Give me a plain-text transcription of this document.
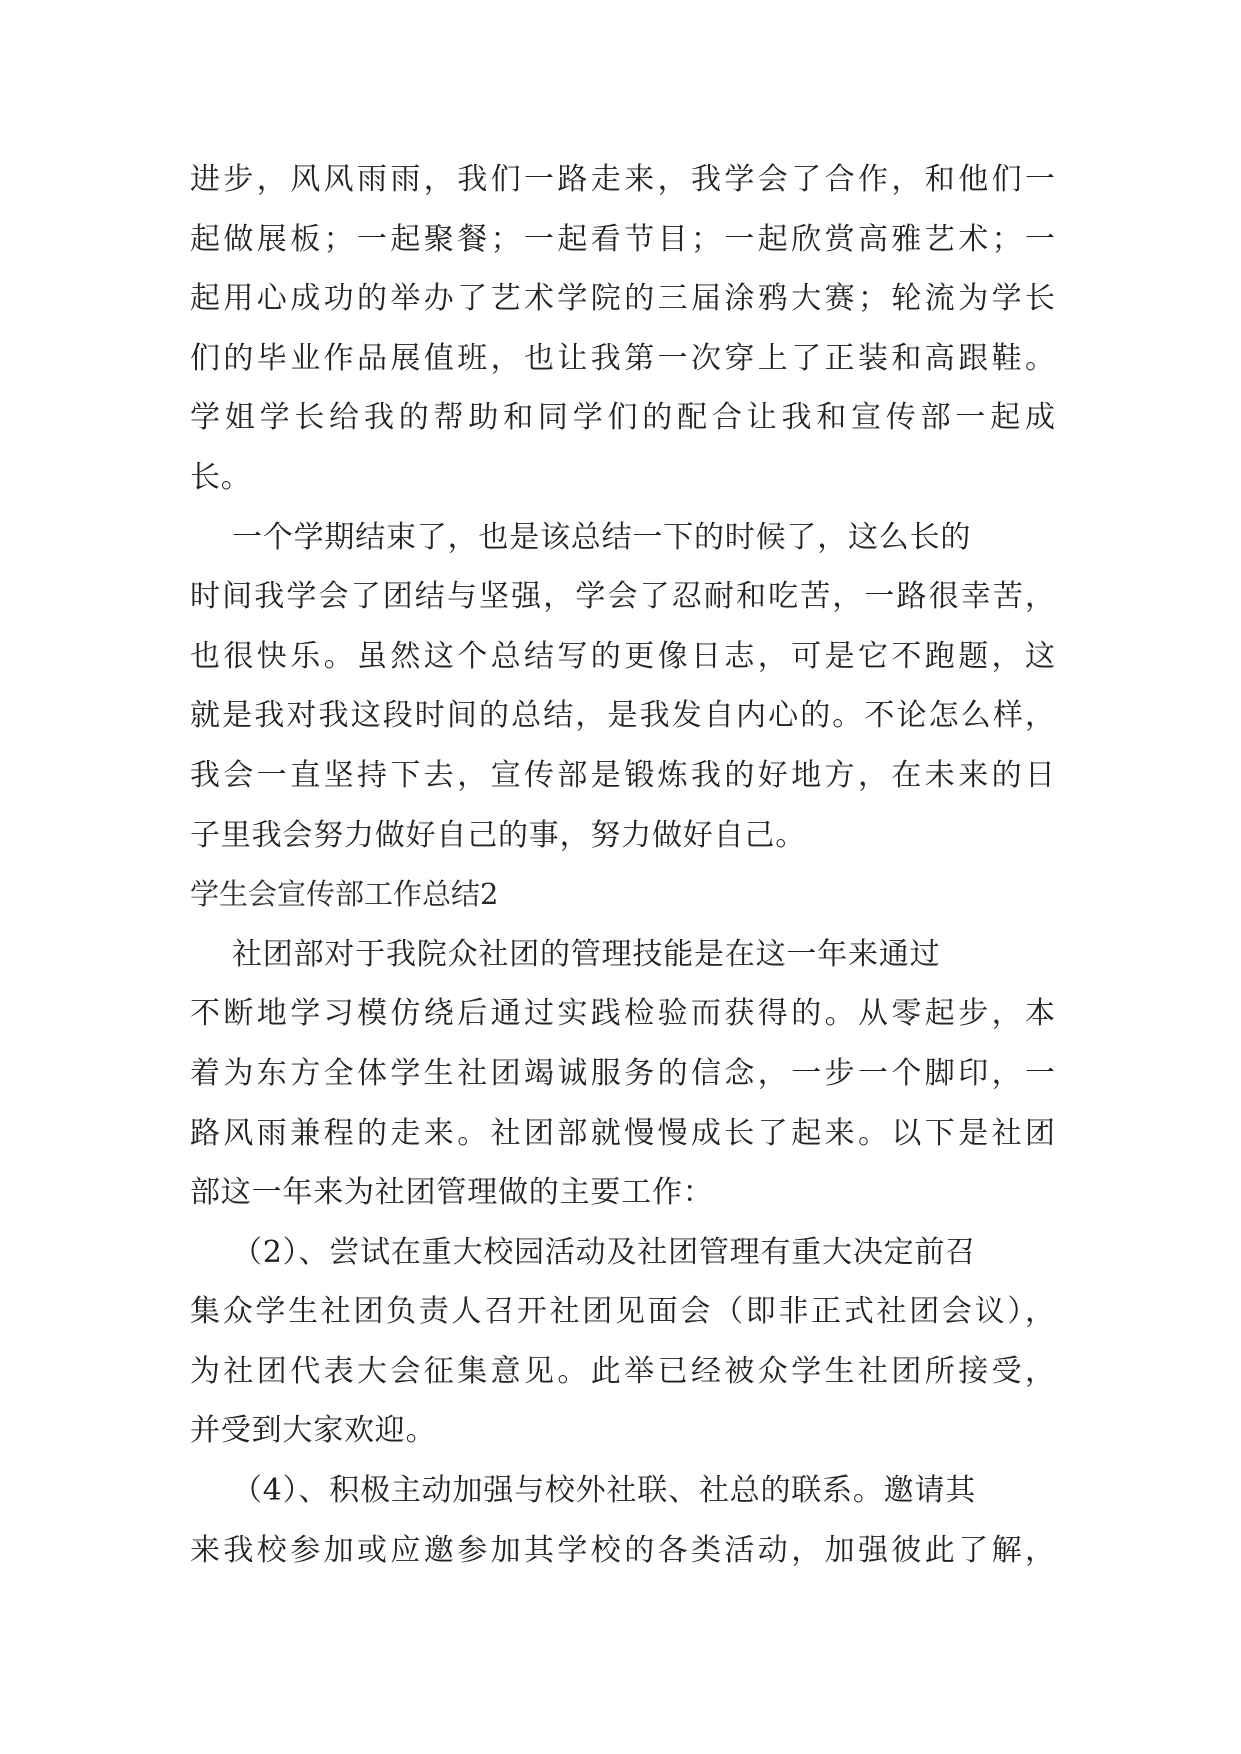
进步，风风雨雨，我们一路走来，我学会了合作，和他们一
起做展板；一起聚餐；一起看节目；一起欣赏高雅艺术；一
起用心成功的举办了艺术学院的三届涂鸦大赛；轮流为学长
们的毕业作品展值班，也让我第一次穿上了正装和高跟鞋。
学姐学长给我的帮助和同学们的配合让我和宣传部一起成
长。
一个学期结束了，也是该总结一下的时候了，这么长的
时间我学会了团结与坚强，学会了忍耐和吃苦，一路很幸苦，
也很快乐。虽然这个总结写的更像日志，可是它不跑题，这
就是我对我这段时间的总结，是我发自内心的。不论怎么样，
我会一直坚持下去，宣传部是锻炼我的好地方，在未来的日
子里我会努力做好自己的事，努力做好自己。
学生会宣传部工作总结2
社团部对于我院众社团的管理技能是在这一年来通过
不断地学习模仿绕后通过实践检验而获得的。从零起步，本
着为东方全体学生社团竭诚服务的信念，一步一个脚印，一
路风雨兼程的走来。社团部就慢慢成长了起来。以下是社团
部这一年来为社团管理做的主要工作：
（2）、尝试在重大校园活动及社团管理有重大决定前召
集众学生社团负责人召开社团见面会（即非正式社团会议），
为社团代表大会征集意见。此举已经被众学生社团所接受，
并受到大家欢迎。
（4）、积极主动加强与校外社联、社总的联系。邀请其
来我校参加或应邀参加其学校的各类活动，加强彼此了解，
